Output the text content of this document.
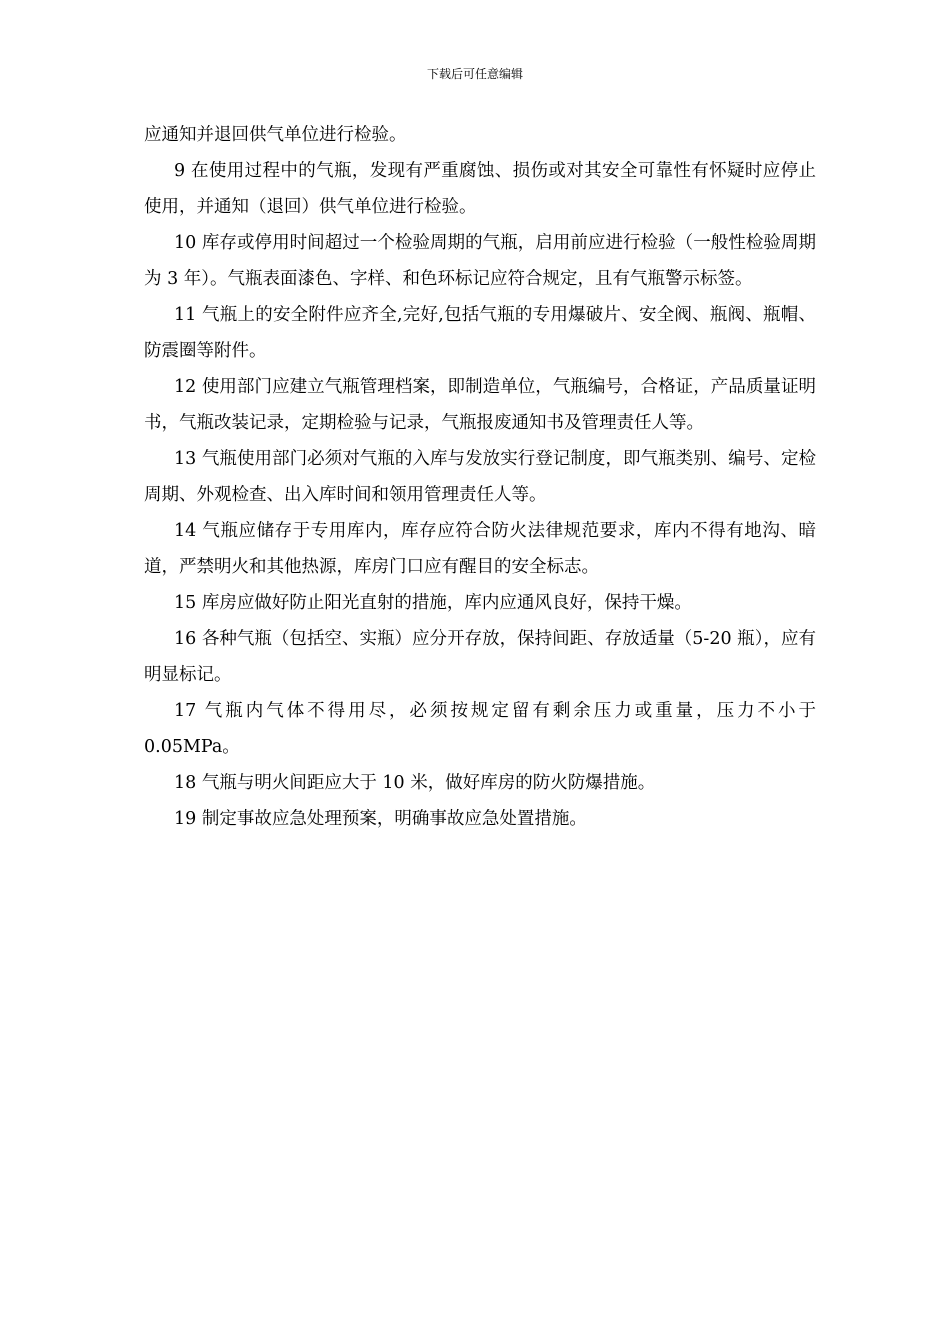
下载后可任意编辑

应通知并退回供气单位进行检验。

9 在使用过程中的气瓶，发现有严重腐蚀、损伤或对其安全可靠性有怀疑时应停止使用，并通知（退回）供气单位进行检验。

10 库存或停用时间超过一个检验周期的气瓶，启用前应进行检验（一般性检验周期为 3 年）。气瓶表面漆色、字样、和色环标记应符合规定，且有气瓶警示标签。

11 气瓶上的安全附件应齐全,完好,包括气瓶的专用爆破片、安全阀、瓶阀、瓶帽、防震圈等附件。

12 使用部门应建立气瓶管理档案，即制造单位，气瓶编号，合格证，产品质量证明书，气瓶改装记录，定期检验与记录，气瓶报废通知书及管理责任人等。

13 气瓶使用部门必须对气瓶的入库与发放实行登记制度，即气瓶类别、编号、定检周期、外观检查、出入库时间和领用管理责任人等。

14 气瓶应储存于专用库内，库存应符合防火法律规范要求，库内不得有地沟、暗道，严禁明火和其他热源，库房门口应有醒目的安全标志。

15 库房应做好防止阳光直射的措施，库内应通风良好，保持干燥。

16 各种气瓶（包括空、实瓶）应分开存放，保持间距、存放适量（5-20 瓶），应有明显标记。

17 气瓶内气体不得用尽，必须按规定留有剩余压力或重量，压力不小于 0.05MPa。

18 气瓶与明火间距应大于 10 米，做好库房的防火防爆措施。

19 制定事故应急处理预案，明确事故应急处置措施。
